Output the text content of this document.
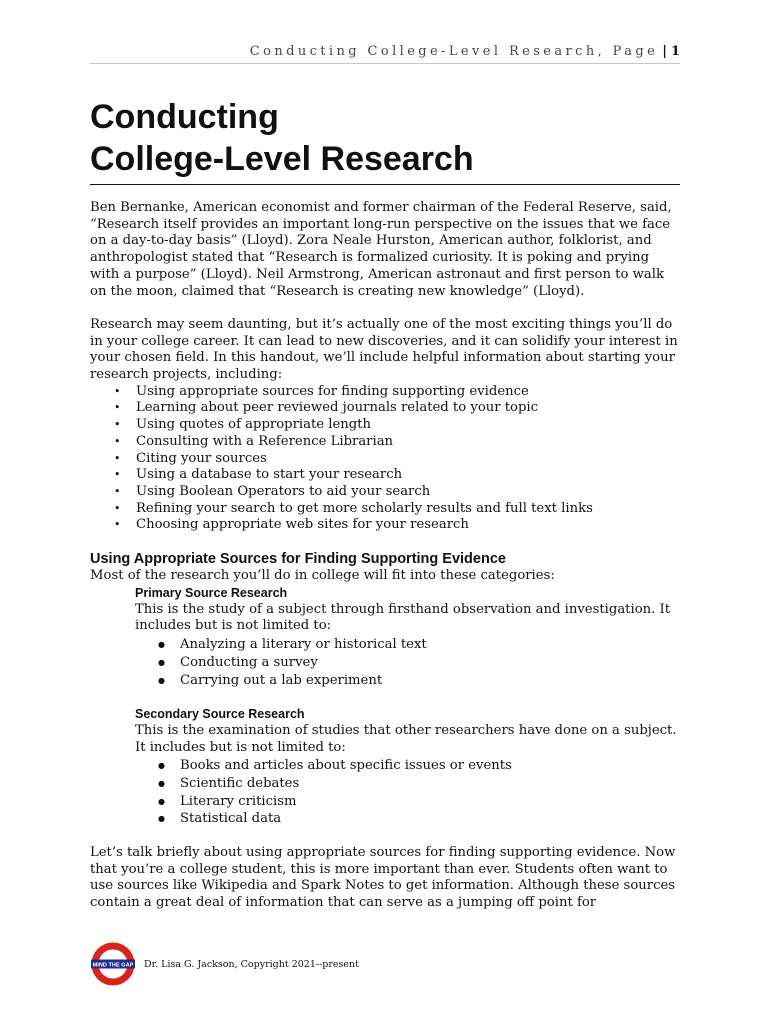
Conducting College-Level Research, Page | 1
Conducting
College-Level Research

Ben Bernanke, American economist and former chairman of the Federal Reserve, said, “Research itself provides an important long-run perspective on the issues that we face on a day-to-day basis” (Lloyd). Zora Neale Hurston, American author, folklorist, and anthropologist stated that “Research is formalized curiosity. It is poking and prying with a purpose” (Lloyd). Neil Armstrong, American astronaut and first person to walk on the moon, claimed that “Research is creating new knowledge” (Lloyd).

Research may seem daunting, but it’s actually one of the most exciting things you’ll do in your college career. It can lead to new discoveries, and it can solidify your interest in your chosen field. In this handout, we’ll include helpful information about starting your research projects, including:

• Using appropriate sources for finding supporting evidence
• Learning about peer reviewed journals related to your topic
• Using quotes of appropriate length
• Consulting with a Reference Librarian
• Citing your sources
• Using a database to start your research
• Using Boolean Operators to aid your search
• Refining your search to get more scholarly results and full text links
• Choosing appropriate web sites for your research
Using Appropriate Sources for Finding Supporting Evidence

Most of the research you’ll do in college will fit into these categories:

Primary Source Research

This is the study of a subject through firsthand observation and investigation. It includes but is not limited to:

● Analyzing a literary or historical text
● Conducting a survey
● Carrying out a lab experiment
Secondary Source Research

This is the examination of studies that other researchers have done on a subject. It includes but is not limited to:

● Books and articles about specific issues or events
● Scientific debates
● Literary criticism
● Statistical data

Let’s talk briefly about using appropriate sources for finding supporting evidence. Now that you’re a college student, this is more important than ever. Students often want to use sources like Wikipedia and Spark Notes to get information. Although these sources contain a great deal of information that can serve as a jumping off point for

MIND THE GAP Dr. Lisa G. Jackson, Copyright 2021--present
